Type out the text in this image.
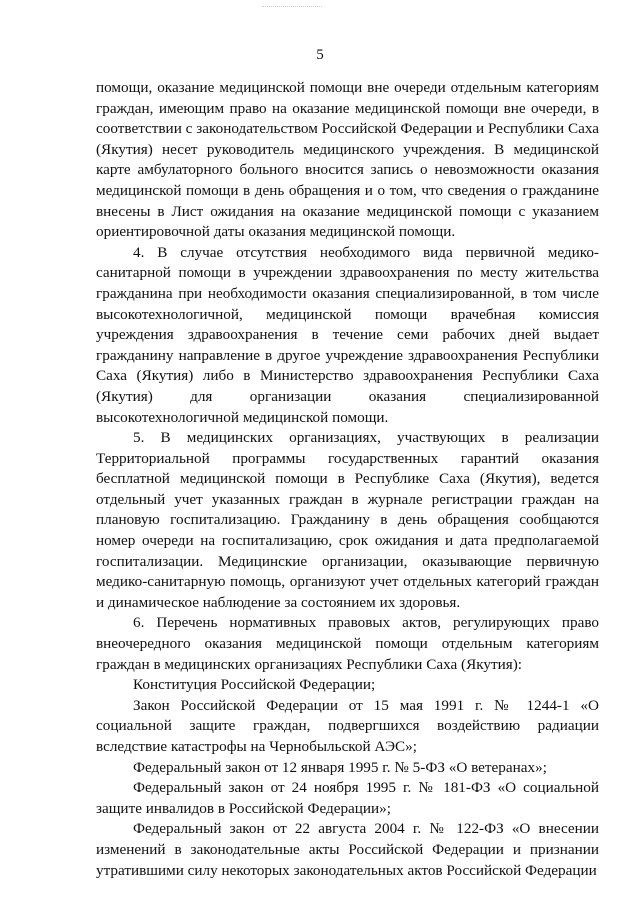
5

помощи, оказание медицинской помощи вне очереди отдельным категориям граждан, имеющим право на оказание медицинской помощи вне очереди, в соответствии с законодательством Российской Федерации и Республики Саха (Якутия) несет руководитель медицинского учреждения. В медицинской карте амбулаторного больного вносится запись о невозможности оказания медицинской помощи в день обращения и о том, что сведения о гражданине внесены в Лист ожидания на оказание медицинской помощи с указанием ориентировочной даты оказания медицинской помощи.

4. В случае отсутствия необходимого вида первичной медико-санитарной помощи в учреждении здравоохранения по месту жительства гражданина при необходимости оказания специализированной, в том числе высокотехнологичной, медицинской помощи врачебная комиссия учреждения здравоохранения в течение семи рабочих дней выдает гражданину направление в другое учреждение здравоохранения Республики Саха (Якутия) либо в Министерство здравоохранения Республики Саха (Якутия) для организации оказания специализированной высокотехнологичной медицинской помощи.

5. В медицинских организациях, участвующих в реализации Территориальной программы государственных гарантий оказания бесплатной медицинской помощи в Республике Саха (Якутия), ведется отдельный учет указанных граждан в журнале регистрации граждан на плановую госпитализацию. Гражданину в день обращения сообщаются номер очереди на госпитализацию, срок ожидания и дата предполагаемой госпитализации. Медицинские организации, оказывающие первичную медико-санитарную помощь, организуют учет отдельных категорий граждан и динамическое наблюдение за состоянием их здоровья.

6. Перечень нормативных правовых актов, регулирующих право внеочередного оказания медицинской помощи отдельным категориям граждан в медицинских организациях Республики Саха (Якутия):

Конституция Российской Федерации;

Закон Российской Федерации от 15 мая 1991 г. № 1244-1 «О социальной защите граждан, подвергшихся воздействию радиации вследствие катастрофы на Чернобыльской АЭС»;

Федеральный закон от 12 января 1995 г. № 5-ФЗ «О ветеранах»;

Федеральный закон от 24 ноября 1995 г. № 181-ФЗ «О социальной защите инвалидов в Российской Федерации»;

Федеральный закон от 22 августа 2004 г. № 122-ФЗ «О внесении изменений в законодательные акты Российской Федерации и признании утратившими силу некоторых законодательных актов Российской Федерации
